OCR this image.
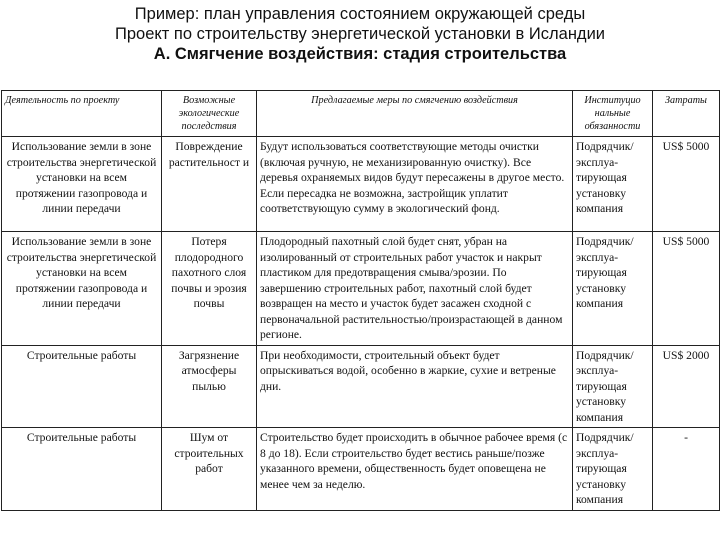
Пример: план управления состоянием окружающей среды
Проект по строительству энергетической установки в Исландии
А. Смягчение воздействия: стадия строительства
Деятельность по проекту	Возможные экологические последствия	Предлагаемые меры по смягчению воздействия	Институцио нальные обязанности	Затраты
Использование земли в зоне строительства энергетической установки на всем протяжении газопровода и линии передачи	Повреждение растительност и	Будут использоваться соответствующие методы очистки (включая ручную, не механизированную очистку). Все деревья охраняемых видов будут пересажены в другое место. Если пересадка не возможна, застройщик уплатит соответствующую сумму в экологический фонд.	Подрядчик/ эксплуа-тирующая установку компания	US$ 5000
Использование земли в зоне строительства энергетической установки на всем протяжении газопровода и линии передачи	Потеря плодородного пахотного слоя почвы и эрозия почвы	Плодородный пахотный слой будет снят, убран на изолированный от строительных работ участок и накрыт пластиком для предотвращения смыва/эрозии. По завершению строительных работ, пахотный слой будет возвращен на место и участок будет засажен сходной с первоначальной растительностью/произрастающей в данном регионе.	Подрядчик/ эксплуа-тирующая установку компания	US$ 5000
Строительные работы	Загрязнение атмосферы пылью	При необходимости, строительный объект будет опрыскиваться водой, особенно в жаркие, сухие и ветреные дни.	Подрядчик/ эксплуа-тирующая установку компания	US$ 2000
Строительные работы	Шум от строительных работ	Строительство будет происходить в обычное рабочее время (с 8 до 18). Если строительство будет вестись раньше/позже указанного времени, общественность будет оповещена не менее чем за неделю.	Подрядчик/ эксплуа-тирующая установку компания	-
